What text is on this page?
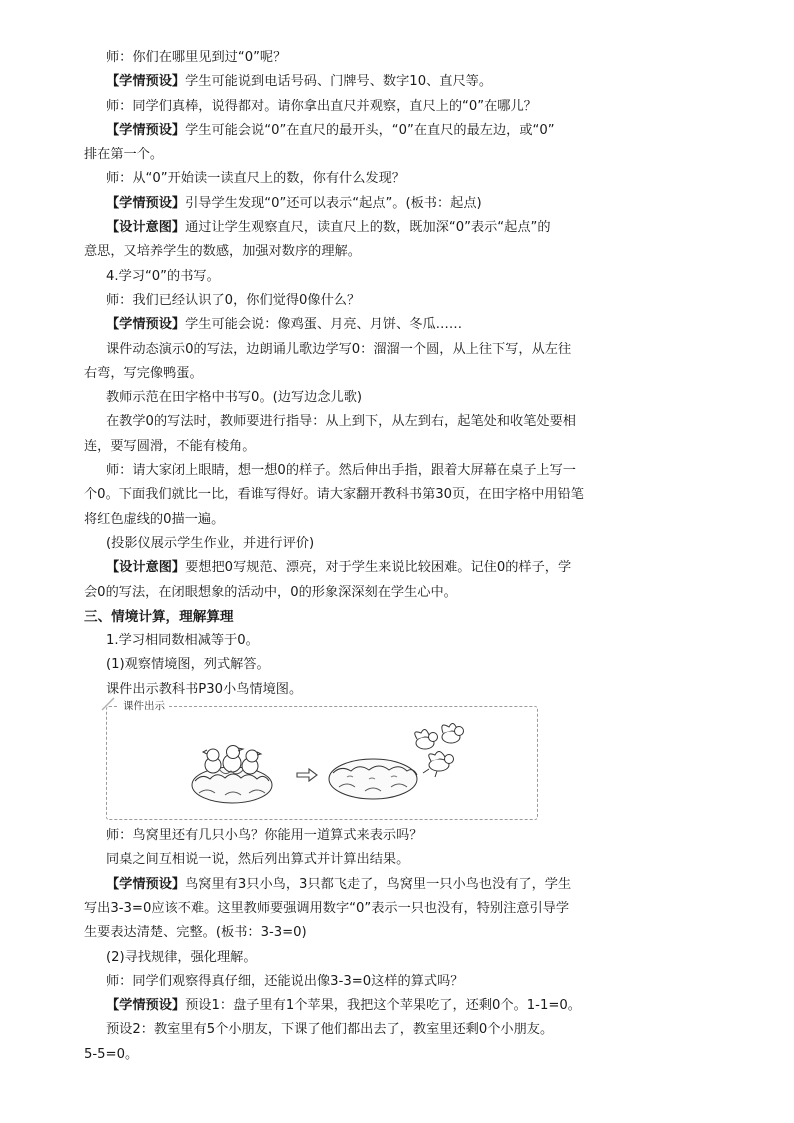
师：你们在哪里见到过“0”呢？
【学情预设】学生可能说到电话号码、门牌号、数字10、直尺等。
师：同学们真棒，说得都对。请你拿出直尺并观察，直尺上的“0”在哪儿？
【学情预设】学生可能会说“0”在直尺的最开头，“0”在直尺的最左边，或“0”
排在第一个。
师：从“0”开始读一读直尺上的数，你有什么发现？
【学情预设】引导学生发现“0”还可以表示“起点”。(板书：起点)
【设计意图】通过让学生观察直尺，读直尺上的数，既加深“0”表示“起点”的
意思，又培养学生的数感，加强对数序的理解。
4.学习“0”的书写。
师：我们已经认识了0，你们觉得0像什么？
【学情预设】学生可能会说：像鸡蛋、月亮、月饼、冬瓜……
课件动态演示0的写法，边朗诵儿歌边学写0：溜溜一个圆，从上往下写，从左往
右弯，写完像鸭蛋。
教师示范在田字格中书写0。(边写边念儿歌)
在教学0的写法时，教师要进行指导：从上到下，从左到右，起笔处和收笔处要相
连，要写圆滑，不能有棱角。
师：请大家闭上眼睛，想一想0的样子。然后伸出手指，跟着大屏幕在桌子上写一
个0。下面我们就比一比，看谁写得好。请大家翻开教科书第30页，在田字格中用铅笔
将红色虚线的0描一遍。
(投影仪展示学生作业，并进行评价)
【设计意图】要想把0写规范、漂亮，对于学生来说比较困难。记住0的样子，学
会0的写法，在闭眼想象的活动中，0的形象深深刻在学生心中。
三、情境计算，理解算理
1.学习相同数相减等于0。
(1)观察情境图，列式解答。
课件出示教科书P30小鸟情境图。
课件出示
师：鸟窝里还有几只小鸟？你能用一道算式来表示吗？
同桌之间互相说一说，然后列出算式并计算出结果。
【学情预设】鸟窝里有3只小鸟，3只都飞走了，鸟窝里一只小鸟也没有了，学生
写出3-3=0应该不难。这里教师要强调用数字“0”表示一只也没有，特别注意引导学
生要表达清楚、完整。(板书：3-3=0)
(2)寻找规律，强化理解。
师：同学们观察得真仔细，还能说出像3-3=0这样的算式吗？
【学情预设】预设1：盘子里有1个苹果，我把这个苹果吃了，还剩0个。1-1=0。
预设2：教室里有5个小朋友，下课了他们都出去了，教室里还剩0个小朋友。
5-5=0。
